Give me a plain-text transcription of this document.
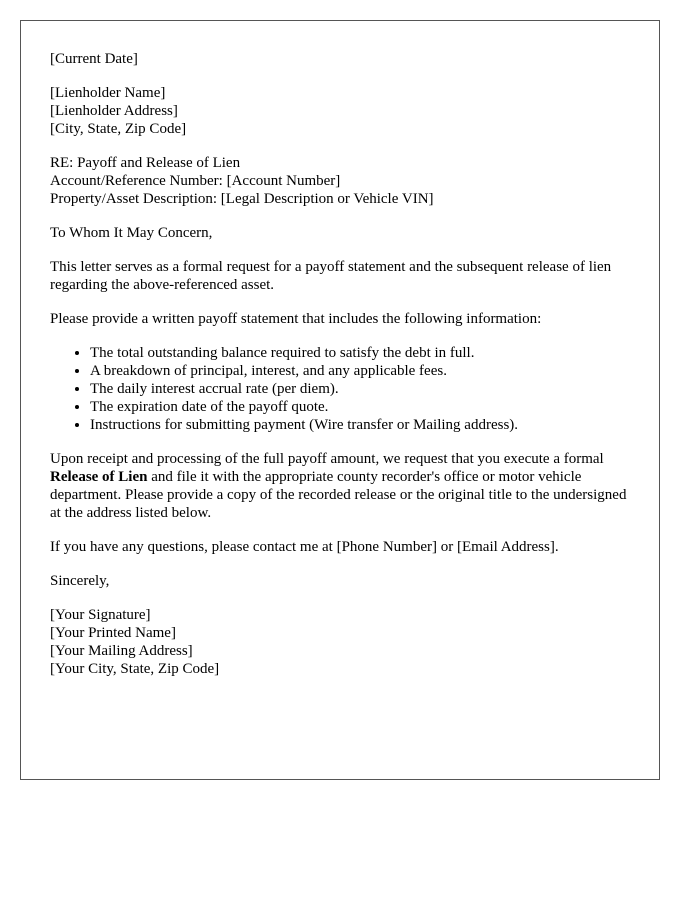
[Current Date]
[Lienholder Name]
[Lienholder Address]
[City, State, Zip Code]
RE: Payoff and Release of Lien
Account/Reference Number: [Account Number]
Property/Asset Description: [Legal Description or Vehicle VIN]

To Whom It May Concern,

This letter serves as a formal request for a payoff statement and the subsequent release of lien regarding the above-referenced asset.

Please provide a written payoff statement that includes the following information:

• The total outstanding balance required to satisfy the debt in full.
• A breakdown of principal, interest, and any applicable fees.
• The daily interest accrual rate (per diem).
• The expiration date of the payoff quote.
• Instructions for submitting payment (Wire transfer or Mailing address).

Upon receipt and processing of the full payoff amount, we request that you execute a formal Release of Lien and file it with the appropriate county recorder's office or motor vehicle department. Please provide a copy of the recorded release or the original title to the undersigned at the address listed below.

If you have any questions, please contact me at [Phone Number] or [Email Address].

Sincerely,

[Your Signature]
[Your Printed Name]
[Your Mailing Address]
[Your City, State, Zip Code]
